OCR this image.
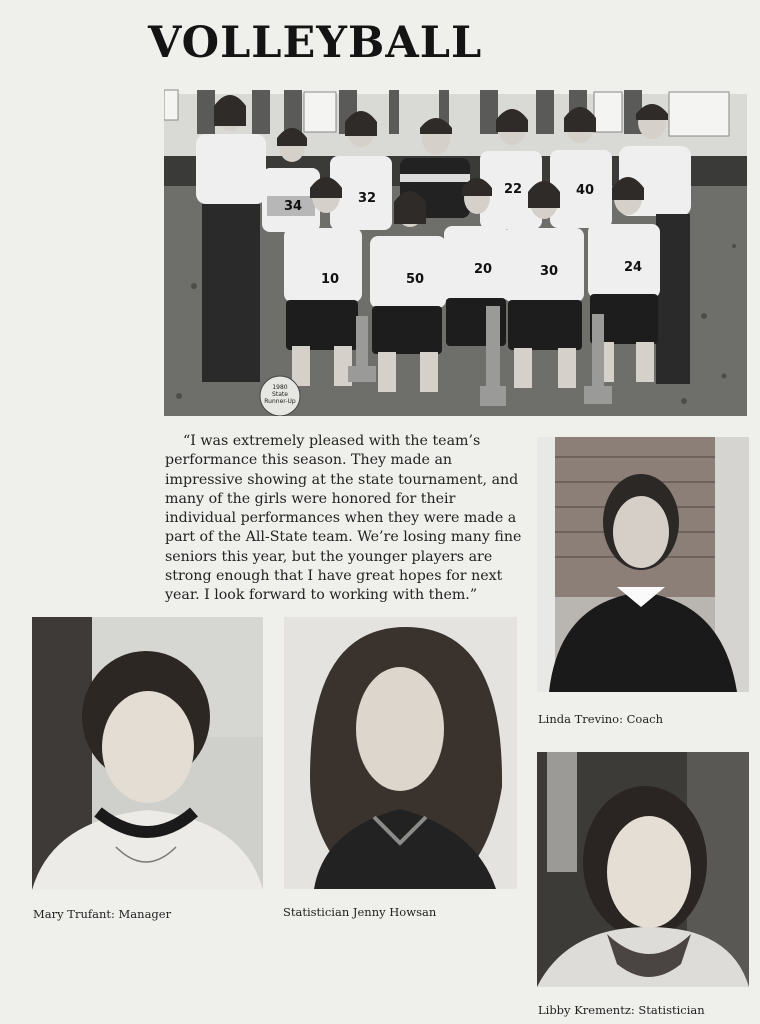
VOLLEYBALL
34
32
22	40
10	50
20	30	24
1980 State Runner-Up
“I was extremely pleased with the team’s performance this season. They made an impressive showing at the state tournament, and many of the girls were honored for their individual performances when they were made a part of the All-State team. We’re losing many fine seniors this year, but the younger players are strong enough that I have great hopes for next year. I look forward to working with them.”
Linda Trevino: Coach
Mary Trufant: Manager	Statistician Jenny Howsan
Libby Krementz: Statistician
